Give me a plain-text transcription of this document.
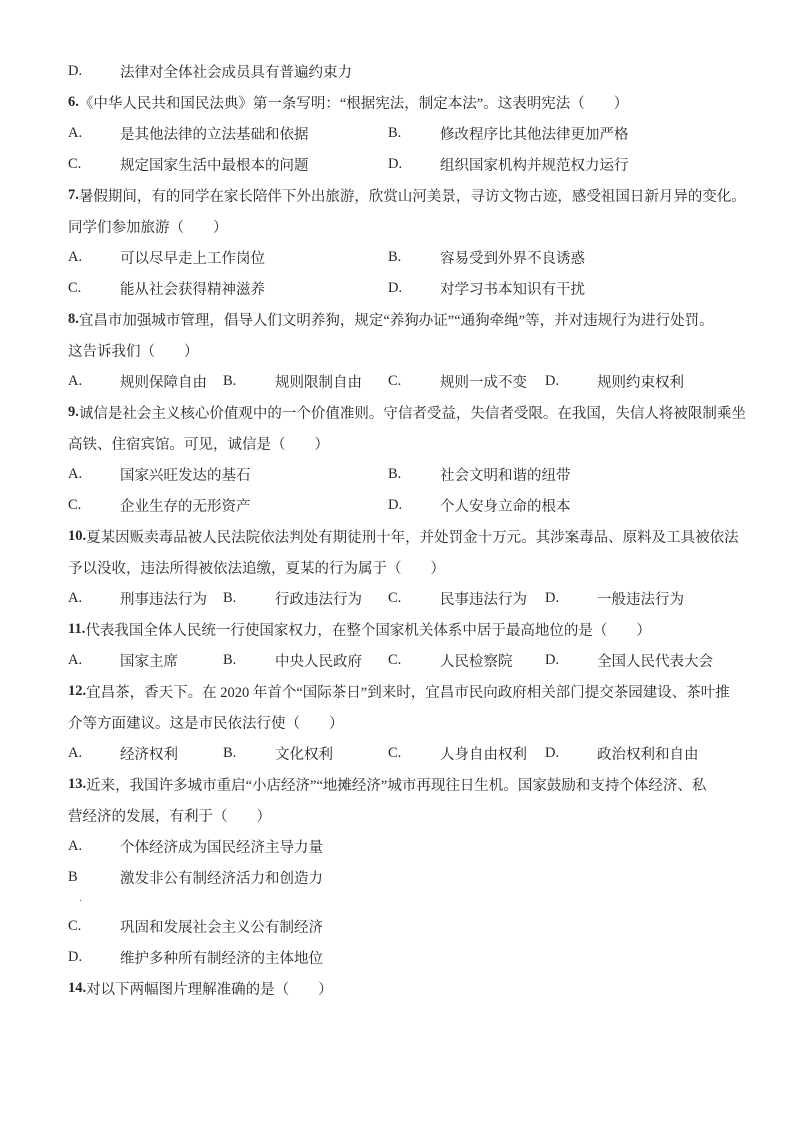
D.	法律对全体社会成员具有普遍约束力
6. 《中华人民共和国民法典》第一条写明：“根据宪法，制定本法”。这表明宪法（　　）
A.	是其他法律的立法基础和依据	B.	修改程序比其他法律更加严格
C.	规定国家生活中最根本的问题	D.	组织国家机构并规范权力运行
7. 暑假期间，有的同学在家长陪伴下外出旅游，欣赏山河美景，寻访文物古迹，感受祖国日新月异的变化。
同学们参加旅游（　　）
A.	可以尽早走上工作岗位	B.	容易受到外界不良诱惑
C.	能从社会获得精神滋养	D.	对学习书本知识有干扰
8. 宜昌市加强城市管理，倡导人们文明养狗，规定“养狗办证”“通狗牵绳”等，并对违规行为进行处罚。
这告诉我们（　　）
A.	规则保障自由 B.	规则限制自由 C.	规则一成不变 D.	规则约束权利
9. 诚信是社会主义核心价值观中的一个价值准则。守信者受益，失信者受限。在我国，失信人将被限制乘坐
高铁、住宿宾馆。可见，诚信是（　　）
A.	国家兴旺发达的基石	B.	社会文明和谐的纽带
C.	企业生存的无形资产	D.	个人安身立命的根本
10. 夏某因贩卖毒品被人民法院依法判处有期徒刑十年，并处罚金十万元。其涉案毒品、原料及工具被依法
予以没收，违法所得被依法追缴，夏某的行为属于（　　）
A.	刑事违法行为 B.	行政违法行为 C.	民事违法行为 D.	一般违法行为
11. 代表我国全体人民统一行使国家权力，在整个国家机关体系中居于最高地位的是（　　）
A.	国家主席	B.	中央人民政府 C.	人民检察院 D.	全国人民代表大会
12. 宜昌茶，香天下。在 2020 年首个“国际茶日”到来时，宜昌市民向政府相关部门提交茶园建设、茶叶推
介等方面建议。这是市民依法行使（　　）
A.	经济权利	B.	文化权利	C.	人身自由权利 D.	政治权利和自由
13. 近来，我国许多城市重启“小店经济”“地摊经济”城市再现往日生机。国家鼓励和支持个体经济、私
营经济的发展，有利于（　　）
A.	个体经济成为国民经济主导力量
B	激发非公有制经济活力和创造力
·
C.	巩固和发展社会主义公有制经济
D.	维护多种所有制经济的主体地位
14. 对以下两幅图片理解准确的是（　　）
